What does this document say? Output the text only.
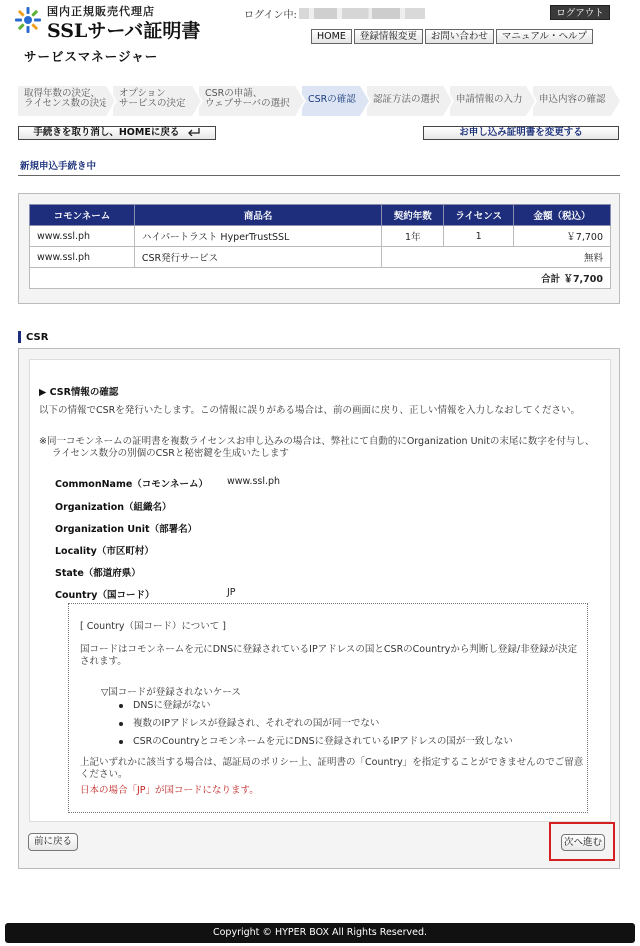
国内正規販売代理店
SSLサーバ証明書
ログイン中:	ログアウト
HOME	登録情報変更	お問い合わせ	マニュアル・ヘルプ
サービスマネージャー
取得年数の決定、
ライセンス数の決定
オプション
サービスの決定
CSRの申請、
ウェブサーバの選択	CSRの確認	認証方法の選択	申請情報の入力	申込内容の確認
手続きを取り消し、HOMEに戻る	お申し込み証明書を変更する
新規申込手続き中
コモンネーム	商品名	契約年数	ライセンス	金額（税込）
www.ssl.ph	ハイパートラスト HyperTrustSSL	1年	1	￥7,700
www.ssl.ph	CSR発行サービス	無料		
合計 ￥7,700				
CSR
▶ CSR情報の確認
以下の情報でCSRを発行いたします。この情報に誤りがある場合は、前の画面に戻り、正しい情報を入力しなおしてください。
※同一コモンネームの証明書を複数ライセンスお申し込みの場合は、弊社にて自動的にOrganization Unitの末尾に数字を付与し、ライセンス数分の別個のCSRと秘密鍵を生成いたします
CommonName（コモンネーム） www.ssl.ph
Organization（組織名）
Organization Unit（部署名）
Locality（市区町村）
State（都道府県）
Country（国コード）	JP
[ Country（国コード）について ]
国コードはコモンネームを元にDNSに登録されているIPアドレスの国とCSRのCountryから判断し登録/非登録が決定されます。
▽国コードが登録されないケース
DNSに登録がない
複数のIPアドレスが登録され、それぞれの国が同一でない
CSRのCountryとコモンネームを元にDNSに登録されているIPアドレスの国が一致しない
上記いずれかに該当する場合は、認証局のポリシー上、証明書の「Country」を指定することができませんのでご留意ください。
日本の場合「JP」が国コードになります。
前に戻る	次へ進む
Copyright © HYPER BOX All Rights Reserved.
